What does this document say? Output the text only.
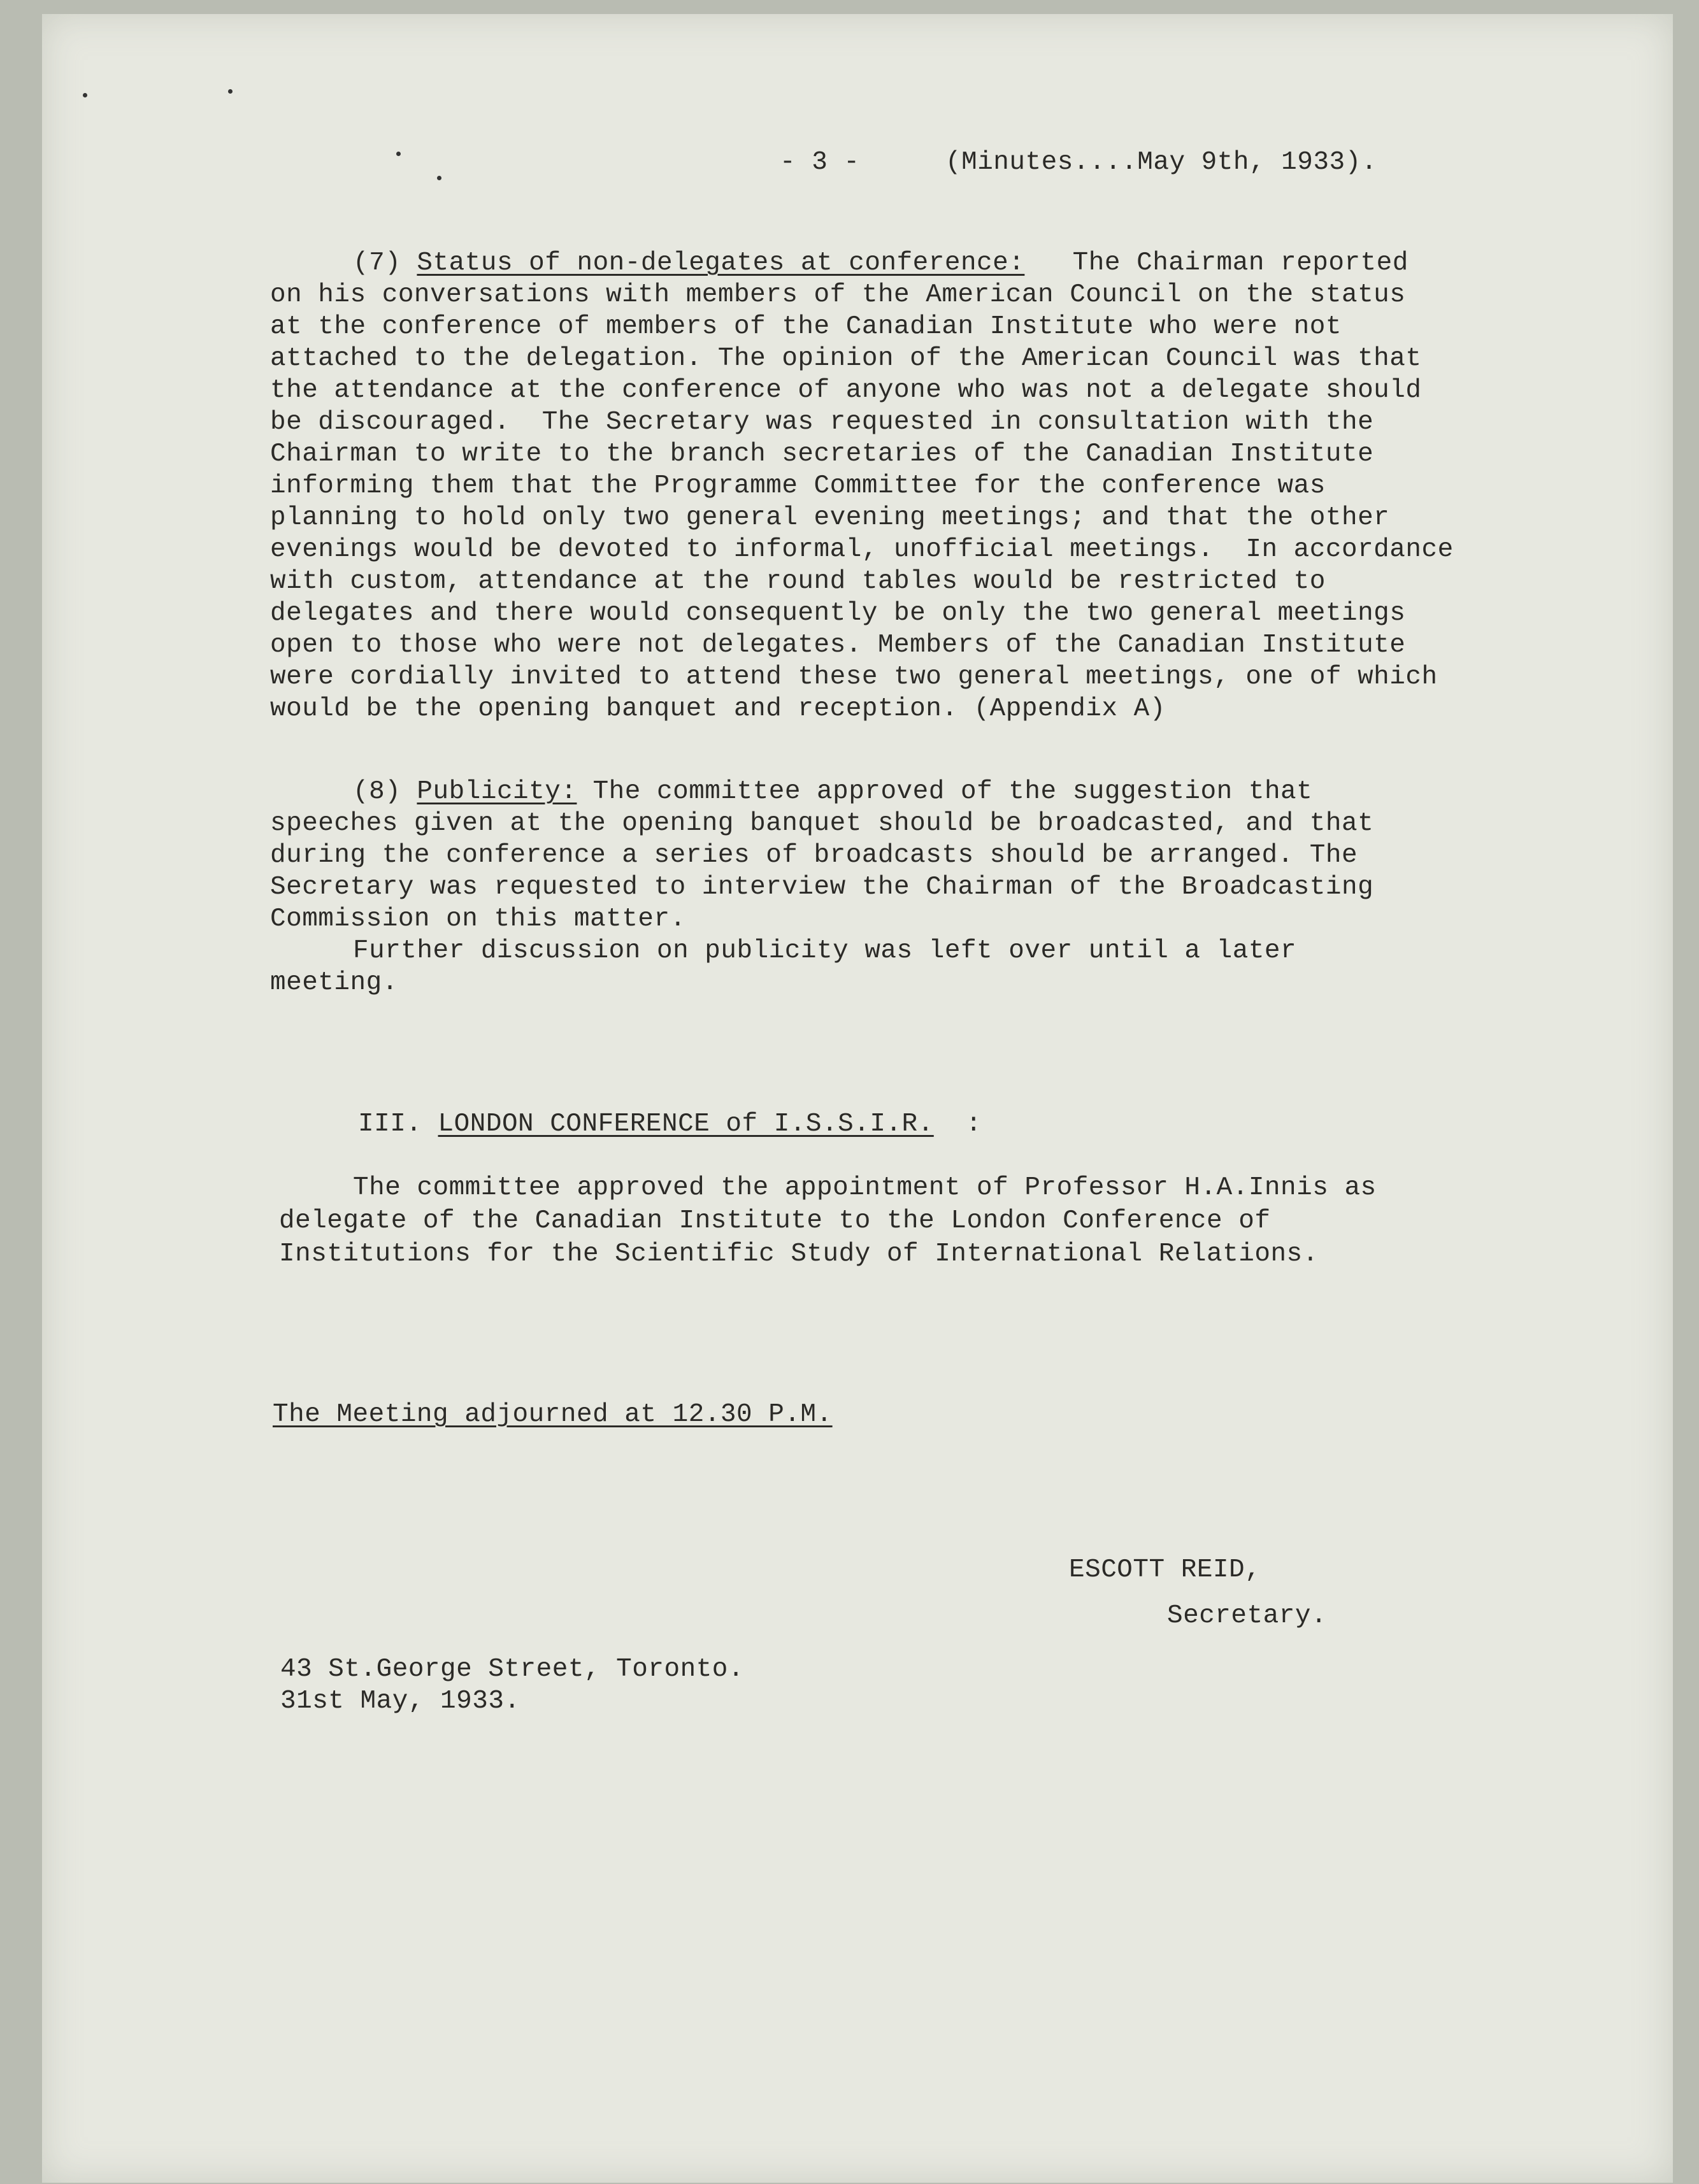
- 3 -	(Minutes....May 9th, 1933).
(7) Status of non-delegates at conference:   The Chairman reported
on his conversations with members of the American Council on the status
at the conference of members of the Canadian Institute who were not
attached to the delegation. The opinion of the American Council was that
the attendance at the conference of anyone who was not a delegate should
be discouraged.  The Secretary was requested in consultation with the
Chairman to write to the branch secretaries of the Canadian Institute
informing them that the Programme Committee for the conference was
planning to hold only two general evening meetings; and that the other
evenings would be devoted to informal, unofficial meetings.  In accordance
with custom, attendance at the round tables would be restricted to
delegates and there would consequently be only the two general meetings
open to those who were not delegates. Members of the Canadian Institute
were cordially invited to attend these two general meetings, one of which
would be the opening banquet and reception. (Appendix A)
(8) Publicity: The committee approved of the suggestion that
speeches given at the opening banquet should be broadcasted, and that
during the conference a series of broadcasts should be arranged. The
Secretary was requested to interview the Chairman of the Broadcasting
Commission on this matter.
Further discussion on publicity was left over until a later
meeting.
III. LONDON CONFERENCE of I.S.S.I.R. :
The committee approved the appointment of Professor H.A.Innis as
delegate of the Canadian Institute to the London Conference of
Institutions for the Scientific Study of International Relations.
The Meeting adjourned at 12.30 P.M.
ESCOTT REID,
Secretary.
43 St.George Street, Toronto.
31st May, 1933.
